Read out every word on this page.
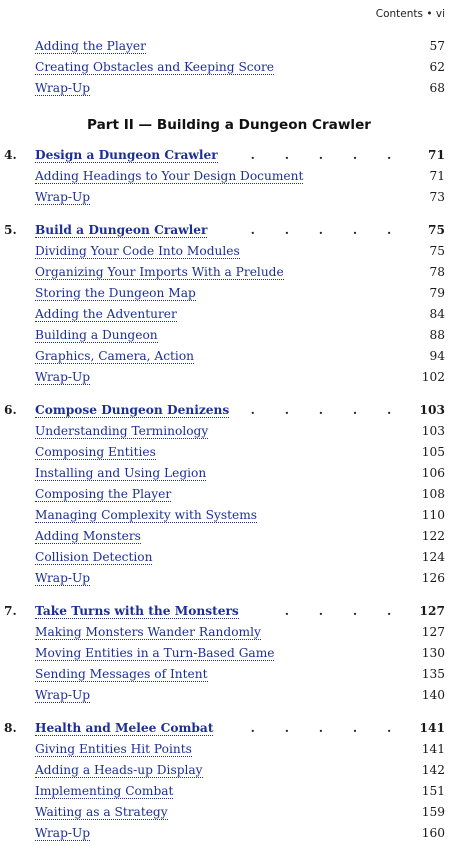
Contents • vi
Adding the Player	57
Creating Obstacles and Keeping Score	62
Wrap-Up	68
Part II — Building a Dungeon Crawler
4. Design a Dungeon Crawler	. . . . . 71
Adding Headings to Your Design Document	71
Wrap-Up	73
5. Build a Dungeon Crawler	. . . . . 75
Dividing Your Code Into Modules	75
Organizing Your Imports With a Prelude	78
Storing the Dungeon Map	79
Adding the Adventurer	84
Building a Dungeon	88
Graphics, Camera, Action	94
Wrap-Up	102
6. Compose Dungeon Denizens . . . . . 103
Understanding Terminology	103
Composing Entities	105
Installing and Using Legion	106
Composing the Player	108
Managing Complexity with Systems	110
Adding Monsters	122
Collision Detection	124
Wrap-Up	126
7. Take Turns with the Monsters	. . . . 127
Making Monsters Wander Randomly	127
Moving Entities in a Turn-Based Game	130
Sending Messages of Intent	135
Wrap-Up	140
8. Health and Melee Combat	. . . . . 141
Giving Entities Hit Points	141
Adding a Heads-up Display	142
Implementing Combat	151
Waiting as a Strategy	159
Wrap-Up	160
